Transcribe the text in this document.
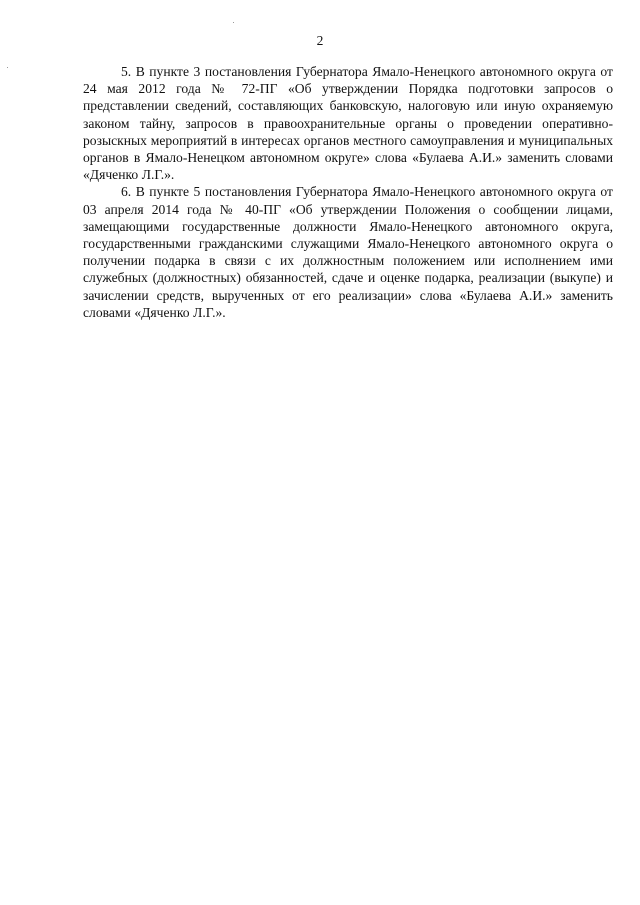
2

5. В пункте 3 постановления Губернатора Ямало-Ненецкого автономного округа от 24 мая 2012 года № 72-ПГ «Об утверждении Порядка подготовки запросов о представлении сведений, составляющих банковскую, налоговую или иную охраняемую законом тайну, запросов в правоохранительные органы о проведении оперативно-розыскных мероприятий в интересах органов местного самоуправления и муниципальных органов в Ямало-Ненецком автономном округе» слова «Булаева А.И.» заменить словами «Дяченко Л.Г.».

6. В пункте 5 постановления Губернатора Ямало-Ненецкого автономного округа от 03 апреля 2014 года № 40-ПГ «Об утверждении Положения о сообщении лицами, замещающими государственные должности Ямало-Ненецкого автономного округа, государственными гражданскими служащими Ямало-Ненецкого автономного округа о получении подарка в связи с их должностным положением или исполнением ими служебных (должностных) обязанностей, сдаче и оценке подарка, реализации (выкупе) и зачислении средств, вырученных от его реализации» слова «Булаева А.И.» заменить словами «Дяченко Л.Г.».
